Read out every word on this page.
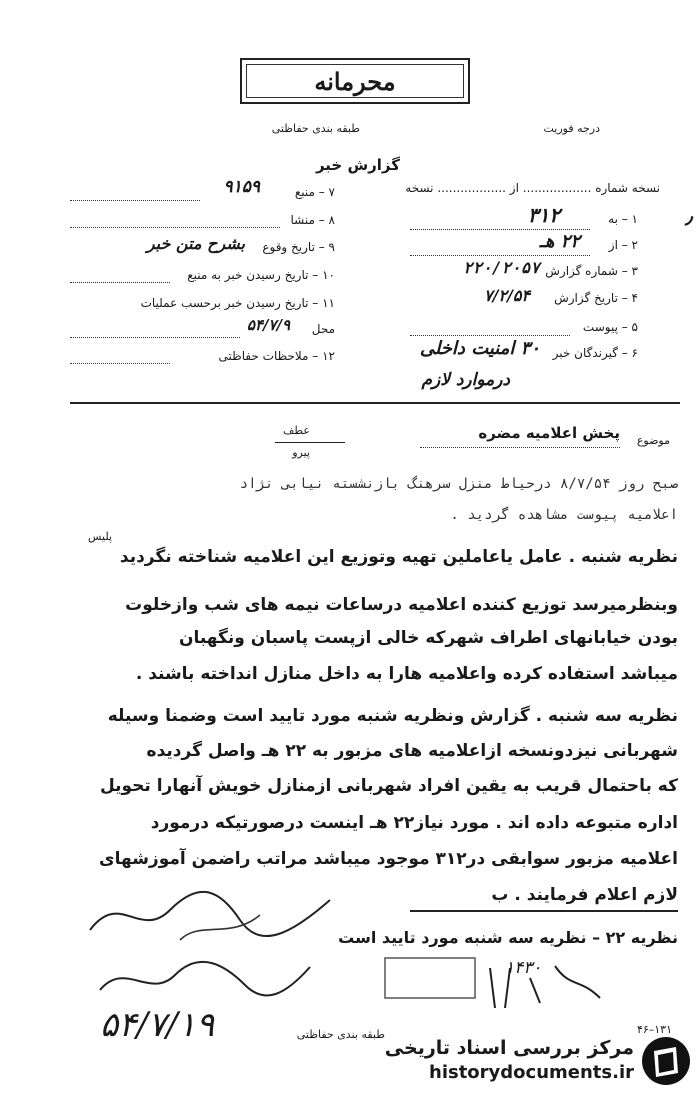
محرمانه
طبقه بندی حفاظتی	درجه فوریت
گزارش خبر
نسخه شماره .................. از .................. نسخه
۱ – به
۳۱۲	٫
۲ – از
۲۲ هـ
۳ – شماره گزارش
۲۲۰/۲۰۵۷
۴ – تاریخ گزارش
۷/۲/۵۴
۵ – پیوست
۶ – گیرندگان خبر
۳۰ امنیت داخلی
درموارد لازم
۷ – منبع
۹۱۵۹
۸ – منشا
۹ – تاریخ وقوع
بشرح متن خبر
۱۰ – تاریخ رسیدن خبر به منبع
۱۱ – تاریخ رسیدن خبر برحسب عملیات
محل
۵۴/۷/۹
۱۲ – ملاحظات حفاظتی
موضوع
پخش اعلامیه مضره
عطف
پیرو
صبح روز ۸/۷/۵۴ درحیاط منزل سرهنگ بازنشسته نیابی نژاد
اعلامیه پیوست مشاهده گردید .
پلیس
نظریه شنبه . عامل یاعاملین تهیه وتوزیع این اعلامیه شناخته نگردید
وبنظرمیرسد توزیع کننده اعلامیه درساعات نیمه های شب وازخلوت
بودن خیابانهای اطراف شهرکه خالی ازپست پاسبان ونگهبان
میباشد استفاده کرده واعلامیه هارا به داخل منازل انداخته باشند .
نظریه سه شنبه . گزارش ونظریه شنبه مورد تایید است وضمنا وسیله
شهربانی نیزدونسخه ازاعلامیه های مزبور به ۲۲ هـ واصل گردیده
که باحتمال قریب به یقین افراد شهربانی ازمنازل خویش آنهارا تحویل
اداره متبوعه داده اند . مورد نیاز۲۲ هـ اینست درصورتیکه درمورد
اعلامیه مزبور سوابقی در۳۱۲ موجود میباشد مراتب راضمن آموزشهای
لازم اعلام فرمایند . ب
نظریه ۲۲ – نظریه سه شنبه مورد تایید است
۵۴/۷/۱۹
۱۴۳۰
۴۶–۱۳۱
طبقه بندی حفاظتی
مرکز بررسی اسناد تاریخی
historydocuments.ir
